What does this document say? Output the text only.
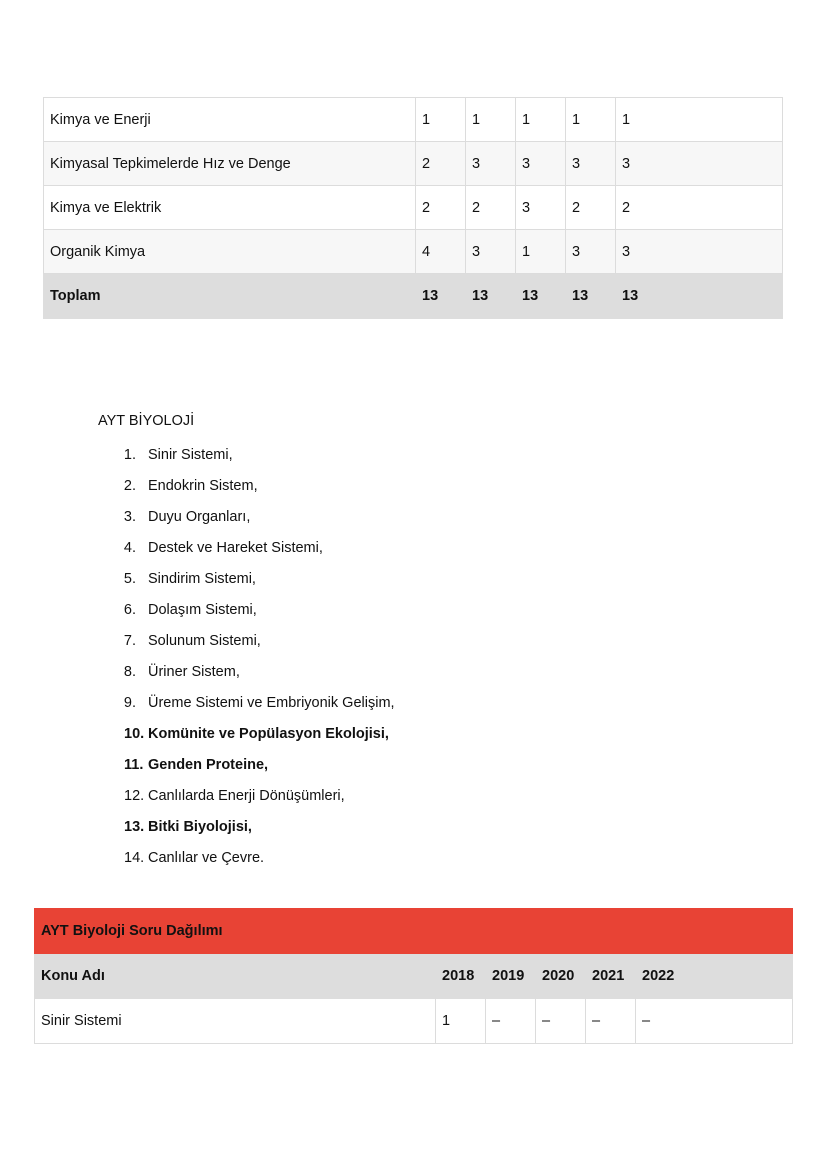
Kimya ve Enerji	1	1	1	1	1
Kimyasal Tepkimelerde Hız ve Denge	2	3	3	3	3
Kimya ve Elektrik	2	2	3	2	2
Organik Kimya	4	3	1	3	3
Toplam	13	13	13	13	13
AYT BİYOLOJİ
1. Sinir Sistemi,
2. Endokrin Sistem,
3. Duyu Organları,
4. Destek ve Hareket Sistemi,
5. Sindirim Sistemi,
6. Dolaşım Sistemi,
7. Solunum Sistemi,
8. Üriner Sistem,
9. Üreme Sistemi ve Embriyonik Gelişim,
10. Komünite ve Popülasyon Ekolojisi,
11. Genden Proteine,
12. Canlılarda Enerji Dönüşümleri,
13. Bitki Biyolojisi,
14. Canlılar ve Çevre.
AYT Biyoloji Soru Dağılımı					
Konu Adı	2018	2019	2020	2021	2022
Sinir Sistemi	1	–	–	–	–
